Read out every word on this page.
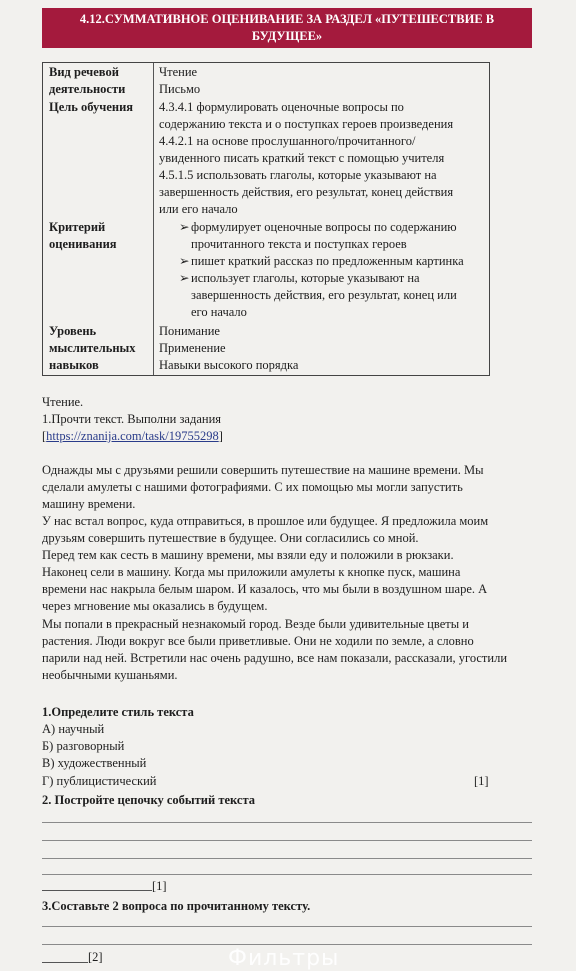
4.12.СУММАТИВНОЕ ОЦЕНИВАНИЕ ЗА РАЗДЕЛ «ПУТЕШЕСТВИЕ В
БУДУЩЕЕ»
Вид речевой
деятельности
Чтение
Письмо
Цель обучения 4.3.4.1 формулировать оценочные вопросы по
содержанию текста и о поступках героев произведения
4.4.2.1 на основе прослушанного/прочитанного/
увиденного писать краткий текст с помощью учителя
4.5.1.5 использовать глаголы, которые указывают на
завершенность действия, его результат, конец действия
или его начало
Критерий
оценивания
➢ формулирует оценочные вопросы по содержанию
прочитанного текста и поступках героев
➢ пишет краткий рассказ по предложенным картинка
➢ использует глаголы, которые указывают на
завершенность действия, его результат, конец или
его начало
Уровень
мыслительных
навыков
Понимание
Применение
Навыки высокого порядка
Чтение.
1.Прочти текст. Выполни задания
[https://znanija.com/task/19755298]
Однажды мы с друзьями решили совершить путешествие на машине времени. Мы
сделали амулеты с нашими фотографиями. С их помощью мы могли запустить
машину времени.
У нас встал вопрос, куда отправиться, в прошлое или будущее. Я предложила моим
друзьям совершить путешествие в будущее. Они согласились со мной.
Перед тем как сесть в машину времени, мы взяли еду и положили в рюкзаки.
Наконец сели в машину. Когда мы приложили амулеты к кнопке пуск, машина
времени нас накрыла белым шаром. И казалось, что мы были в воздушном шаре. А
через мгновение мы оказались в будущем.
Мы попали в прекрасный незнакомый город. Везде были удивительные цветы и
растения. Люди вокруг все были приветливые. Они не ходили по земле, а словно
парили над ней. Встретили нас очень радушно, все нам показали, рассказали, угостили
необычными кушаньями.
1.Определите стиль текста
А) научный
Б) разговорный
В) художественный
Г) публицистический	[1]
2. Постройте цепочку событий текста
[1]
3.Составьте 2 вопроса по прочитанному тексту.
[2]	Фильтры
